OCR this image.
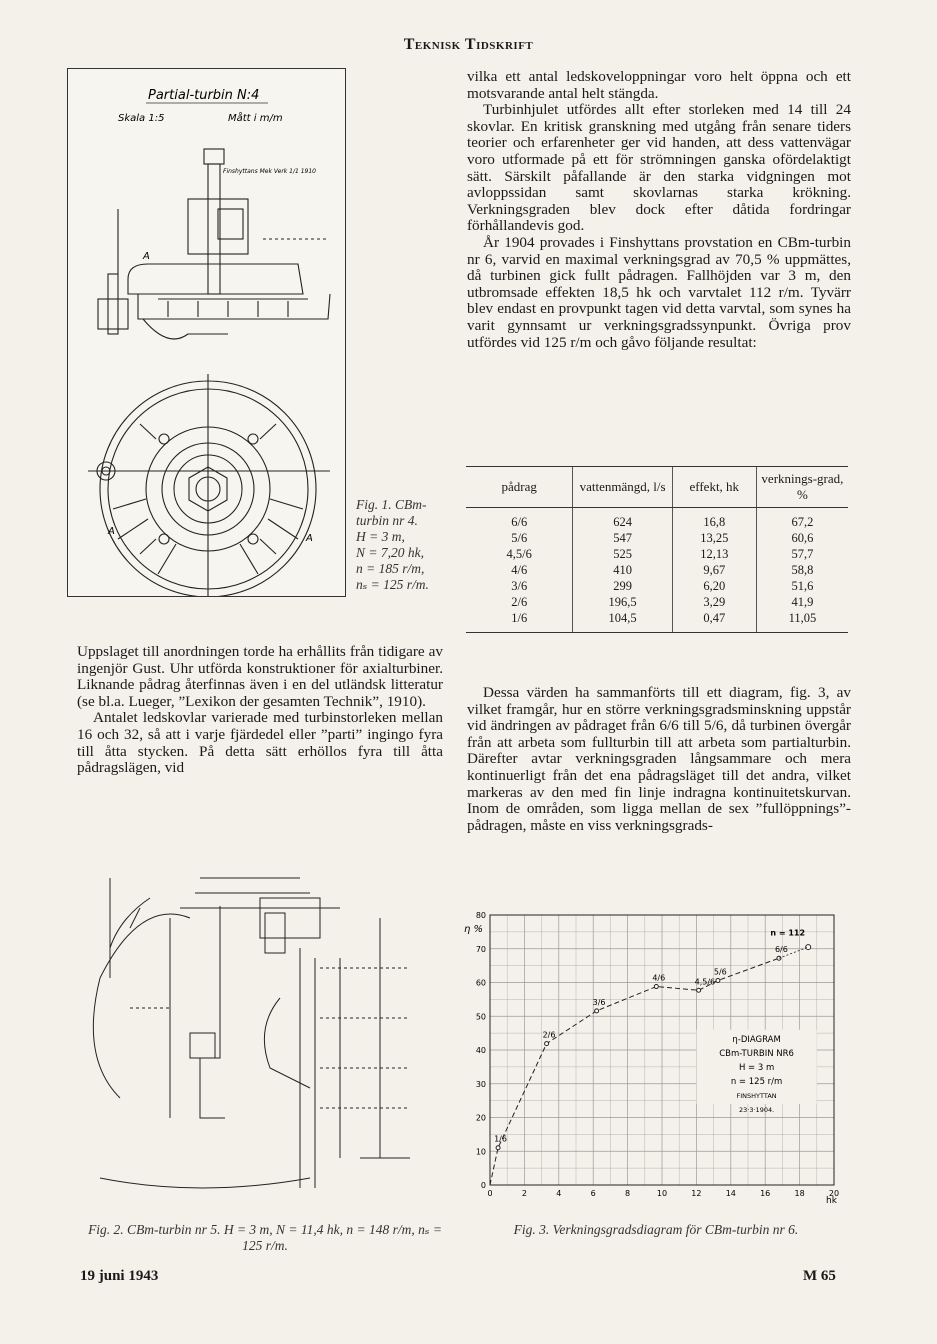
Teknisk Tidskrift
Partial-turbin N:4
Skala 1:5	Mått i m/m
Finshyttans Mek Verk 1/1 1910
A
A
A
Fig. 1. CBm-
turbin nr 4.
H = 3 m,
N = 7,20 hk,
n = 185 r/m,
nₛ = 125 r/m.

vilka ett antal ledskoveloppningar voro helt öppna och ett motsvarande antal helt stängda.

Turbinhjulet utfördes allt efter storleken med 14 till 24 skovlar. En kritisk granskning med utgång från senare tiders teorier och erfarenheter ger vid handen, att dess vattenvägar voro utformade på ett för strömningen ganska ofördelaktigt sätt. Särskilt påfallande är den starka vidgningen mot avloppssidan samt skovlarnas starka krökning. Verkningsgraden blev dock efter dåtida fordringar förhållandevis god.

År 1904 provades i Finshyttans provstation en CBm-turbin nr 6, varvid en maximal verkningsgrad av 70,5 % uppmättes, då turbinen gick fullt pådragen. Fallhöjden var 3 m, den utbromsade effekten 18,5 hk och varvtalet 112 r/m. Tyvärr blev endast en provpunkt tagen vid detta varvtal, som synes ha varit gynnsamt ur verkningsgradssynpunkt. Övriga prov utfördes vid 125 r/m och gåvo följande resultat:

pådrag	vattenmängd, l/s	effekt, hk	verknings-grad, %
6/6	624	16,8	67,2
5/6	547	13,25	60,6
4,5/6	525	12,13	57,7
4/6	410	9,67	58,8
3/6	299	6,20	51,6
2/6	196,5	3,29	41,9
1/6	104,5	0,47	11,05

Uppslaget till anordningen torde ha erhållits från tidigare av ingenjör Gust. Uhr utförda konstruktioner för axialturbiner. Liknande pådrag återfinnas även i en del utländsk litteratur (se bl.a. Lueger, ”Lexikon der gesamten Technik”, 1910).

Antalet ledskovlar varierade med turbinstorleken mellan 16 och 32, så att i varje fjärdedel eller ”parti” ingingo fyra till åtta stycken. På detta sätt erhöllos fyra till åtta pådragslägen, vid

Dessa värden ha sammanförts till ett diagram, fig. 3, av vilket framgår, hur en större verkningsgradsminskning uppstår vid ändringen av pådraget från 6/6 till 5/6, då turbinen övergår från att arbeta som fullturbin till att arbeta som partialturbin. Därefter avtar verkningsgraden långsammare och mera kontinuerligt från det ena pådragsläget till det andra, vilket markeras av den med fin linje indragna kontinuitetskurvan. Inom de områden, som ligga mellan de sex ”fullöppnings”-pådragen, måste en viss verkningsgrads-

Fig. 2. CBm-turbin nr 5. H = 3 m, N = 11,4 hk, n = 148 r/m, nₛ = 125 r/m.
0	2	4	6	8	10	12	14	16	18	20
0
10
20
30
40
50
60
70
80
hk
η %
1/6
2/6
3/6
4/6	4,5/6
5/6
6/6
n = 112
η-DIAGRAM
CBm-TURBIN NR6
H = 3 m
n = 125 r/m
FINSHYTTAN
23·3·1904.
Fig. 3. Verkningsgradsdiagram för CBm-turbin nr 6.
19 juni 1943	M 65
